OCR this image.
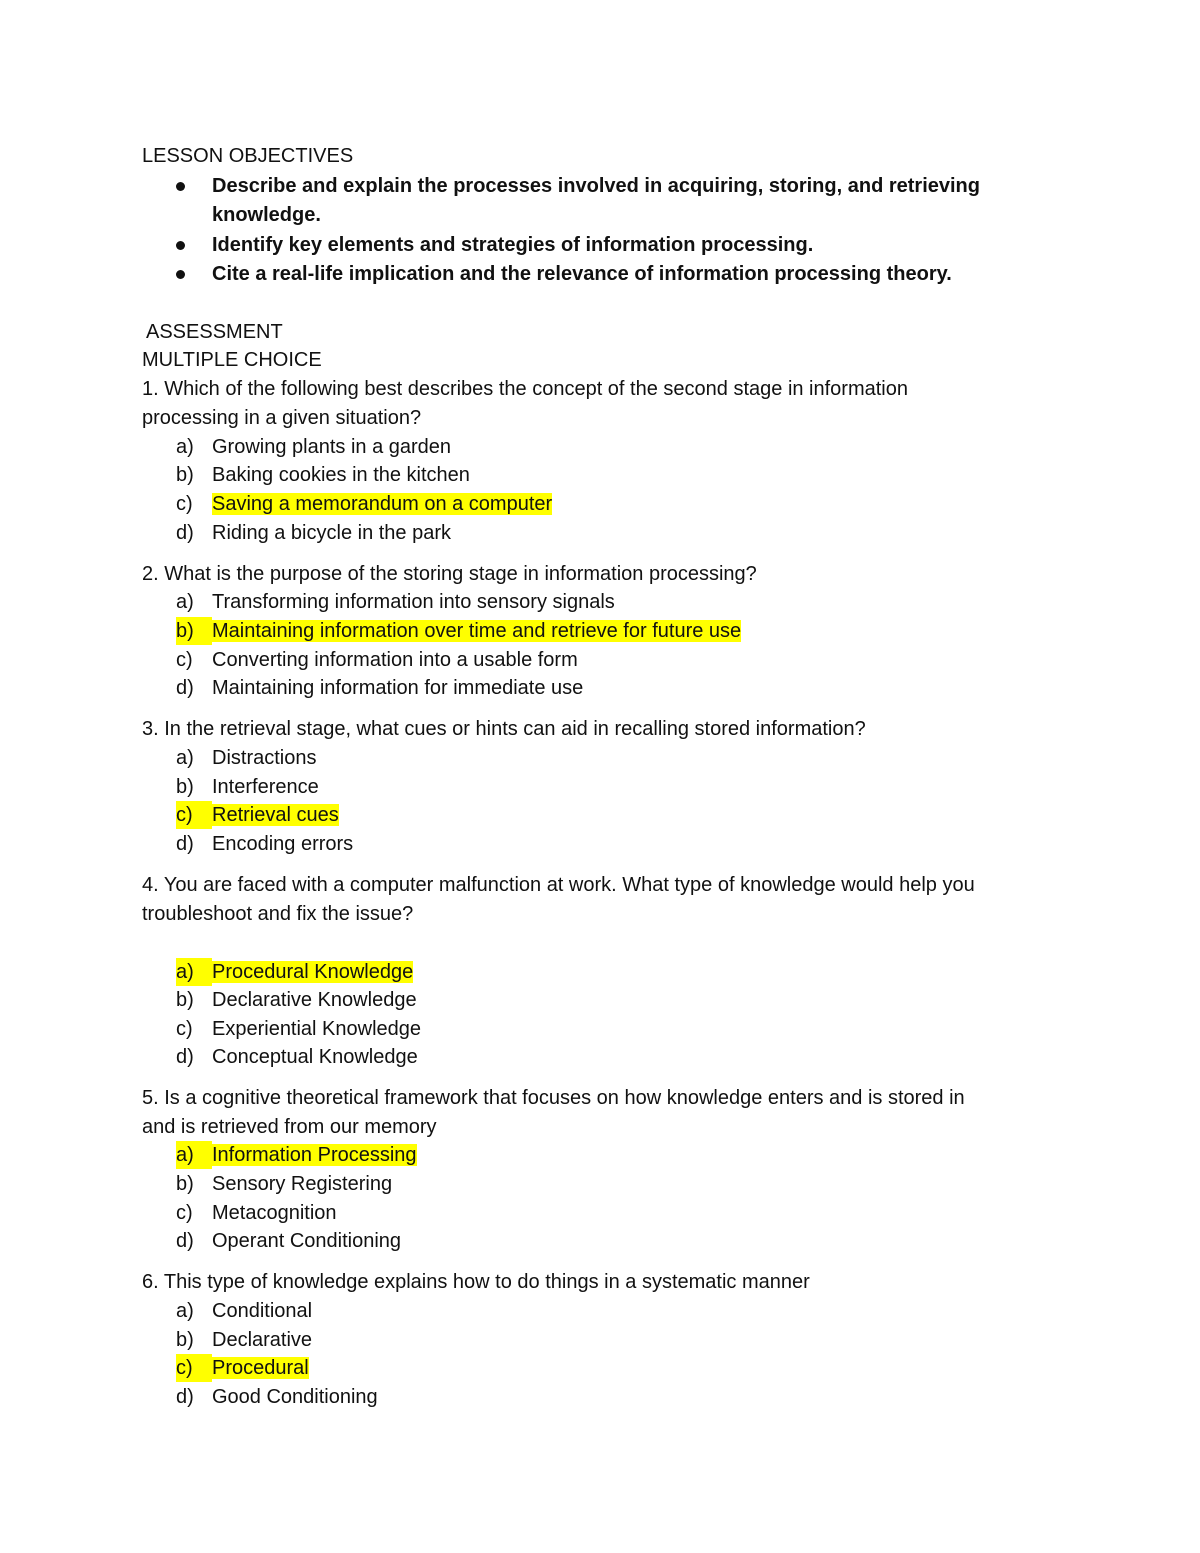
LESSON OBJECTIVES
Describe and explain the processes involved in acquiring, storing, and retrieving
knowledge.
Identify key elements and strategies of information processing.
Cite a real-life implication and the relevance of information processing theory.
ASSESSMENT
MULTIPLE CHOICE
1. Which of the following best describes the concept of the second stage in information
processing in a given situation?
a) Growing plants in a garden
b) Baking cookies in the kitchen
c) Saving a memorandum on a computer
d) Riding a bicycle in the park
2. What is the purpose of the storing stage in information processing?
a) Transforming information into sensory signals
b) Maintaining information over time and retrieve for future use
c) Converting information into a usable form
d) Maintaining information for immediate use
3. In the retrieval stage, what cues or hints can aid in recalling stored information?
a) Distractions
b) Interference
c) Retrieval cues
d) Encoding errors
4. You are faced with a computer malfunction at work. What type of knowledge would help you
troubleshoot and fix the issue?
a) Procedural Knowledge
b) Declarative Knowledge
c) Experiential Knowledge
d) Conceptual Knowledge
5. Is a cognitive theoretical framework that focuses on how knowledge enters and is stored in
and is retrieved from our memory
a) Information Processing
b) Sensory Registering
c) Metacognition
d) Operant Conditioning
6. This type of knowledge explains how to do things in a systematic manner
a) Conditional
b) Declarative
c) Procedural
d) Good Conditioning
